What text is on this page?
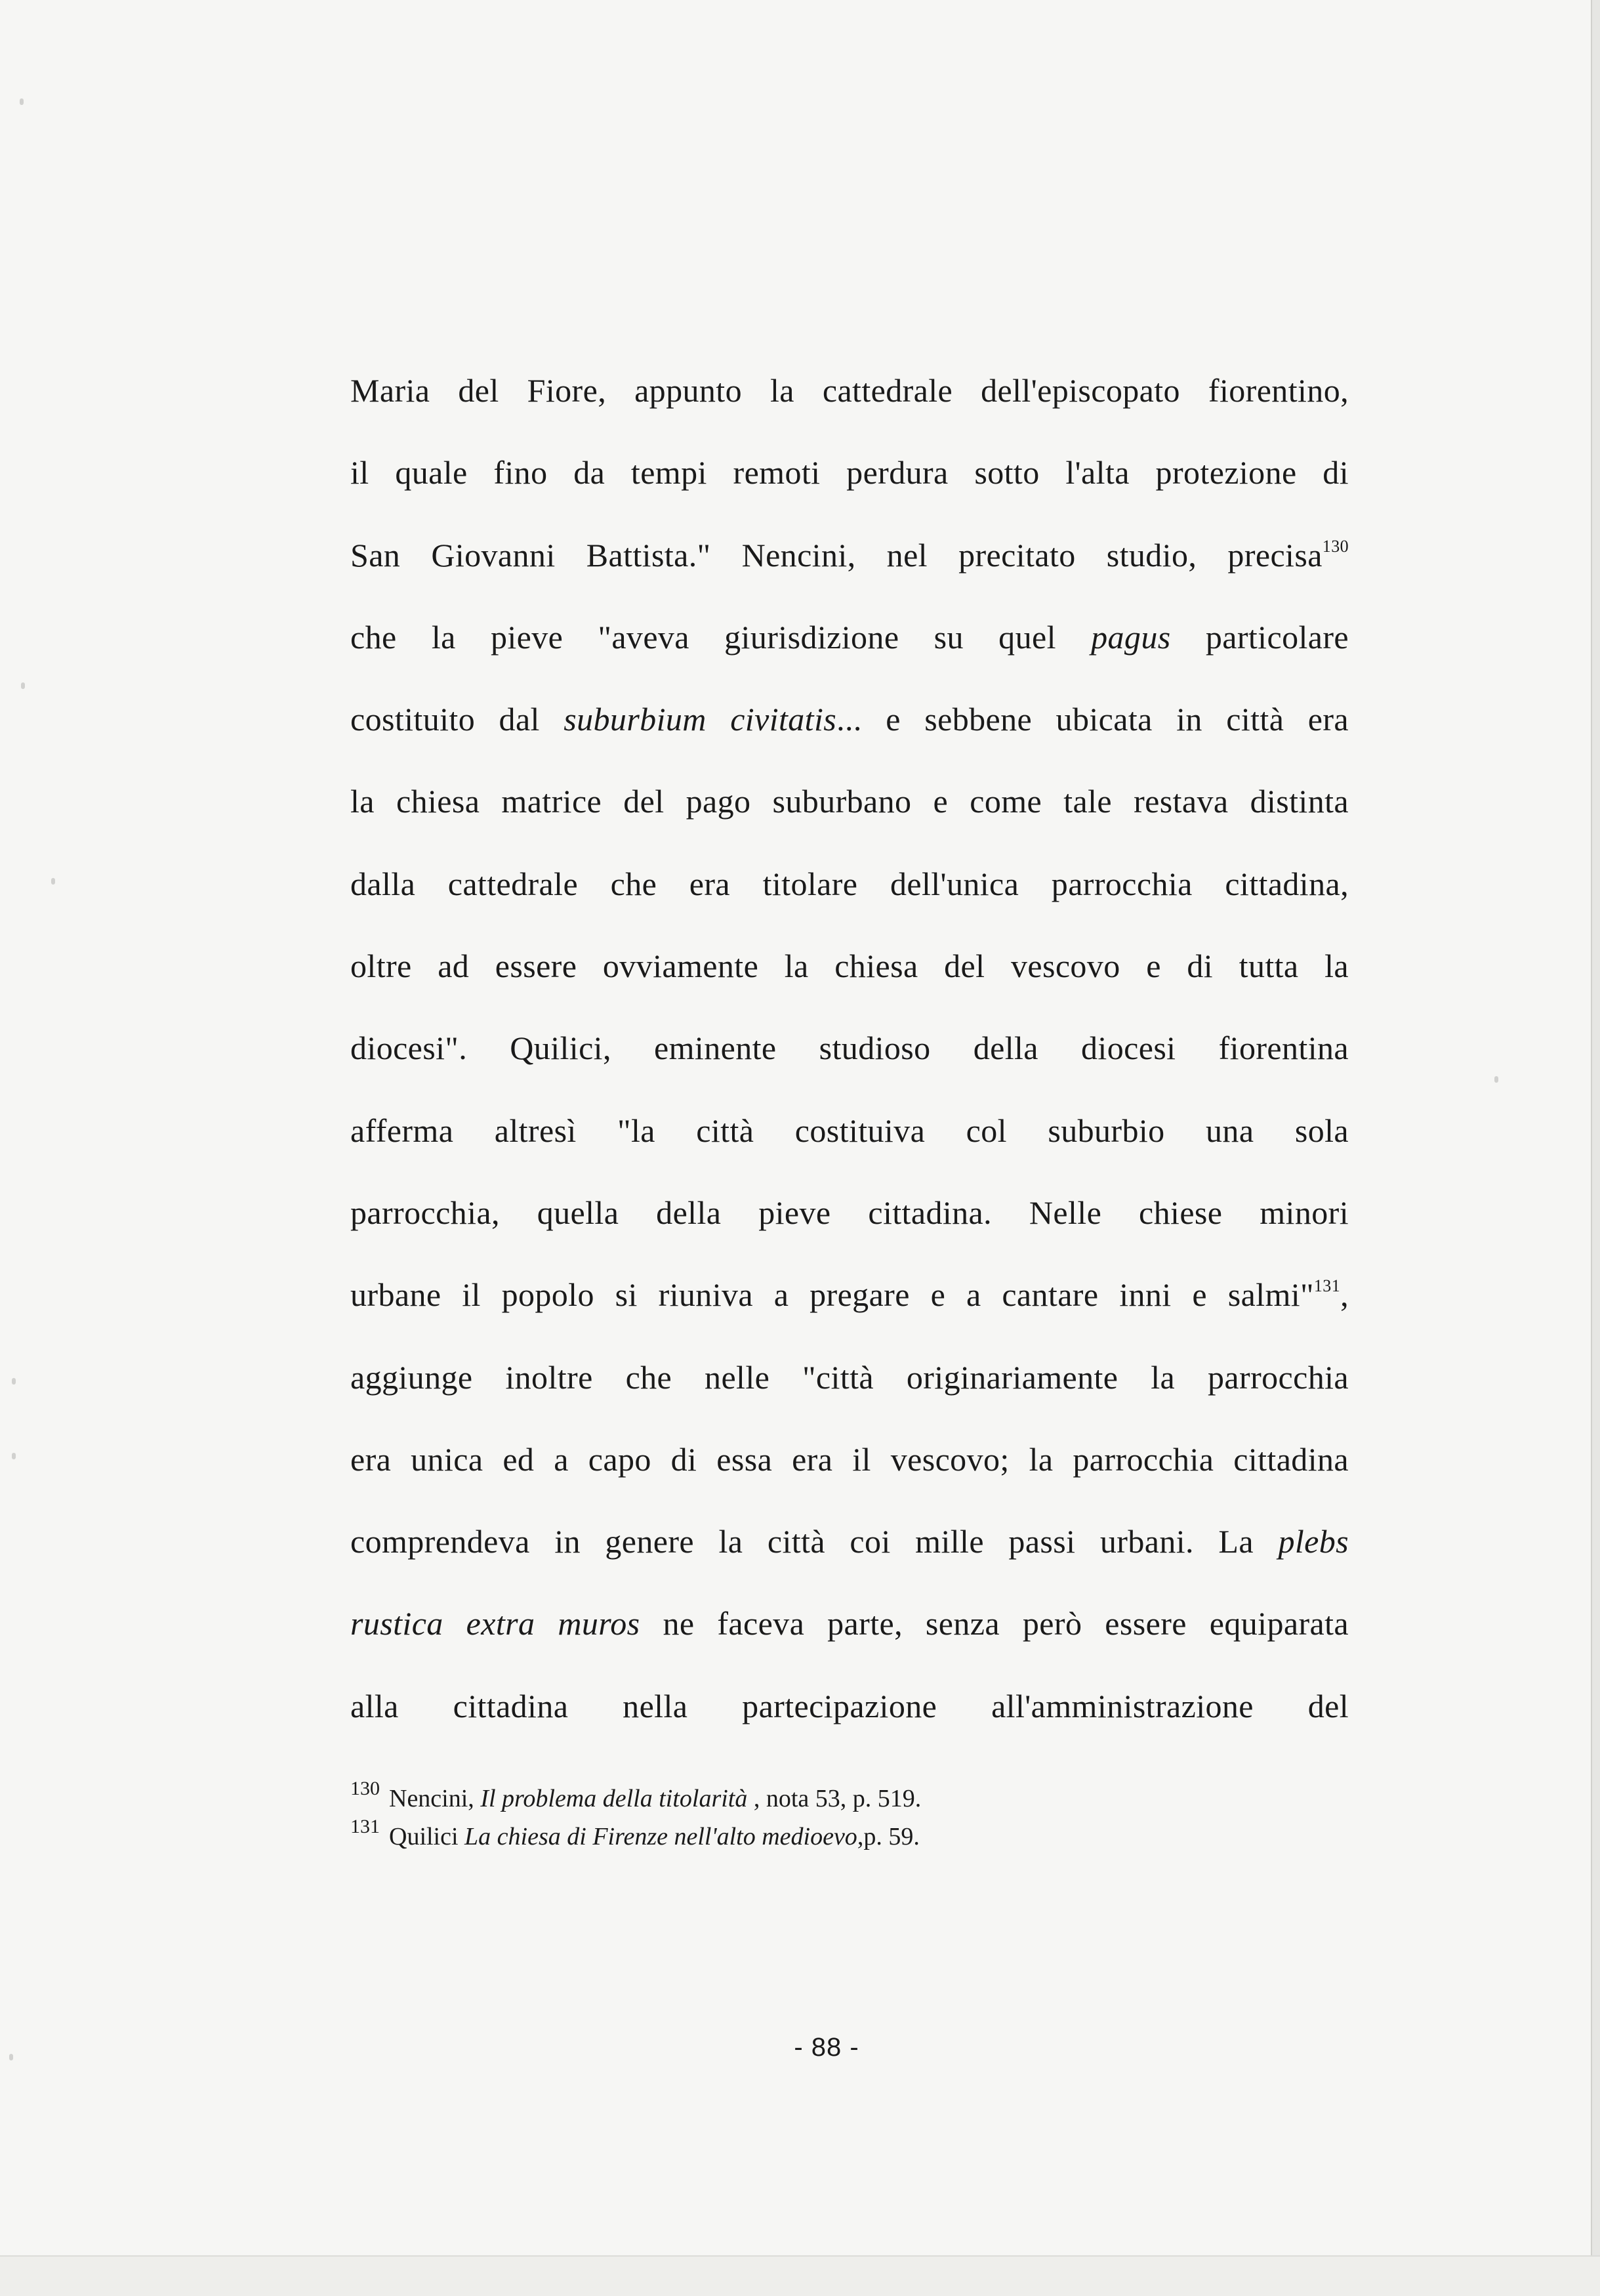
Maria del Fiore, appunto la cattedrale dell'episcopato fiorentino,
il quale fino da tempi remoti perdura sotto l'alta protezione di
San Giovanni Battista." Nencini, nel precitato studio, precisa$^{130}$
che la pieve "aveva giurisdizione su quel pagus particolare
costituito dal suburbium civitatis... e sebbene ubicata in città era
la chiesa matrice del pago suburbano e come tale restava distinta
dalla cattedrale che era titolare dell'unica parrocchia cittadina,
oltre ad essere ovviamente la chiesa del vescovo e di tutta la
diocesi". Quilici, eminente studioso della diocesi fiorentina
afferma altresì "la città costituiva col suburbio una sola
parrocchia, quella della pieve cittadina. Nelle chiese minori
urbane il popolo si riuniva a pregare e a cantare inni e salmi"$^{131}$,
aggiunge inoltre che nelle "città originariamente la parrocchia
era unica ed a capo di essa era il vescovo; la parrocchia cittadina
comprendeva in genere la città coi mille passi urbani. La plebs
rustica extra muros ne faceva parte, senza però essere equiparata
alla cittadina nella partecipazione all'amministrazione del
130 Nencini, Il problema della titolarità , nota 53, p. 519.
131 Quilici La chiesa di Firenze nell'alto medioevo,p. 59.
- 88 -
